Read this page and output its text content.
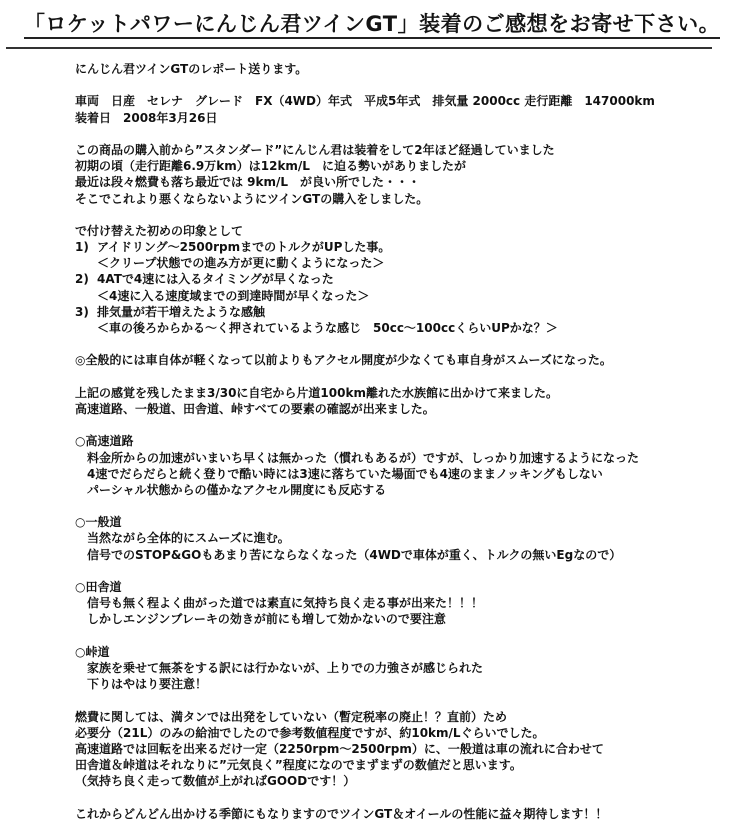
「ロケットパワーにんじん君ツインGT」装着のご感想をお寄せ下さい。
にんじん君ツインGTのレポート送ります。
車両　日産　セレナ　グレード　FX（4WD）年式　平成5年式　排気量 2000cc 走行距離　147000km
装着日　2008年3月26日
この商品の購入前から”スタンダード”にんじん君は装着をして2年ほど経過していました
初期の頃（走行距離6.9万km）は12km/L　に迫る勢いがありましたが
最近は段々燃費も落ち最近では 9km/L　が良い所でした・・・
そこでこれより悪くならないようにツインGTの購入をしました。
で付け替えた初めの印象として
1) アイドリング～2500rpmまでのトルクがUPした事。
＜クリープ状態での進み方が更に動くようになった＞
2) 4ATで4速には入るタイミングが早くなった
＜4速に入る速度域までの到達時間が早くなった＞
3) 排気量が若干増えたような感触
＜車の後ろからかる～く押されているような感じ　50cc～100ccくらいUPかな？＞
◎全般的には車自体が軽くなって以前よりもアクセル開度が少なくても車自身がスムーズになった。
上記の感覚を残したまま3/30に自宅から片道100km離れた水族館に出かけて来ました。
高速道路、一般道、田舎道、峠すべての要素の確認が出来ました。
○高速道路
料金所からの加速がいまいち早くは無かった（慣れもあるが）ですが、しっかり加速するようになった
4速でだらだらと続く登りで酷い時には3速に落ちていた場面でも4速のままノッキングもしない
パーシャル状態からの僅かなアクセル開度にも反応する
○一般道
当然ながら全体的にスムーズに進む。
信号でのSTOP&GOもあまり苦にならなくなった（4WDで車体が重く、トルクの無いEgなので）
○田舎道
信号も無く程よく曲がった道では素直に気持ち良く走る事が出来た！！！
しかしエンジンブレーキの効きが前にも増して効かないので要注意
○峠道
家族を乗せて無茶をする訳には行かないが、上りでの力強さが感じられた
下りはやはり要注意！
燃費に関しては、満タンでは出発をしていない（暫定税率の廃止！？直前）ため
必要分（21L）のみの給油でしたので参考数値程度ですが、約10km/Lぐらいでした。
高速道路では回転を出来るだけ一定（2250rpm～2500rpm）に、一般道は車の流れに合わせて
田舎道＆峠道はそれなりに”元気良く”程度になのでまずまずの数値だと思います。
（気持ち良く走って数値が上がればGOODです！）
これからどんどん出かける季節にもなりますのでツインGT＆オイールの性能に益々期待します！！
